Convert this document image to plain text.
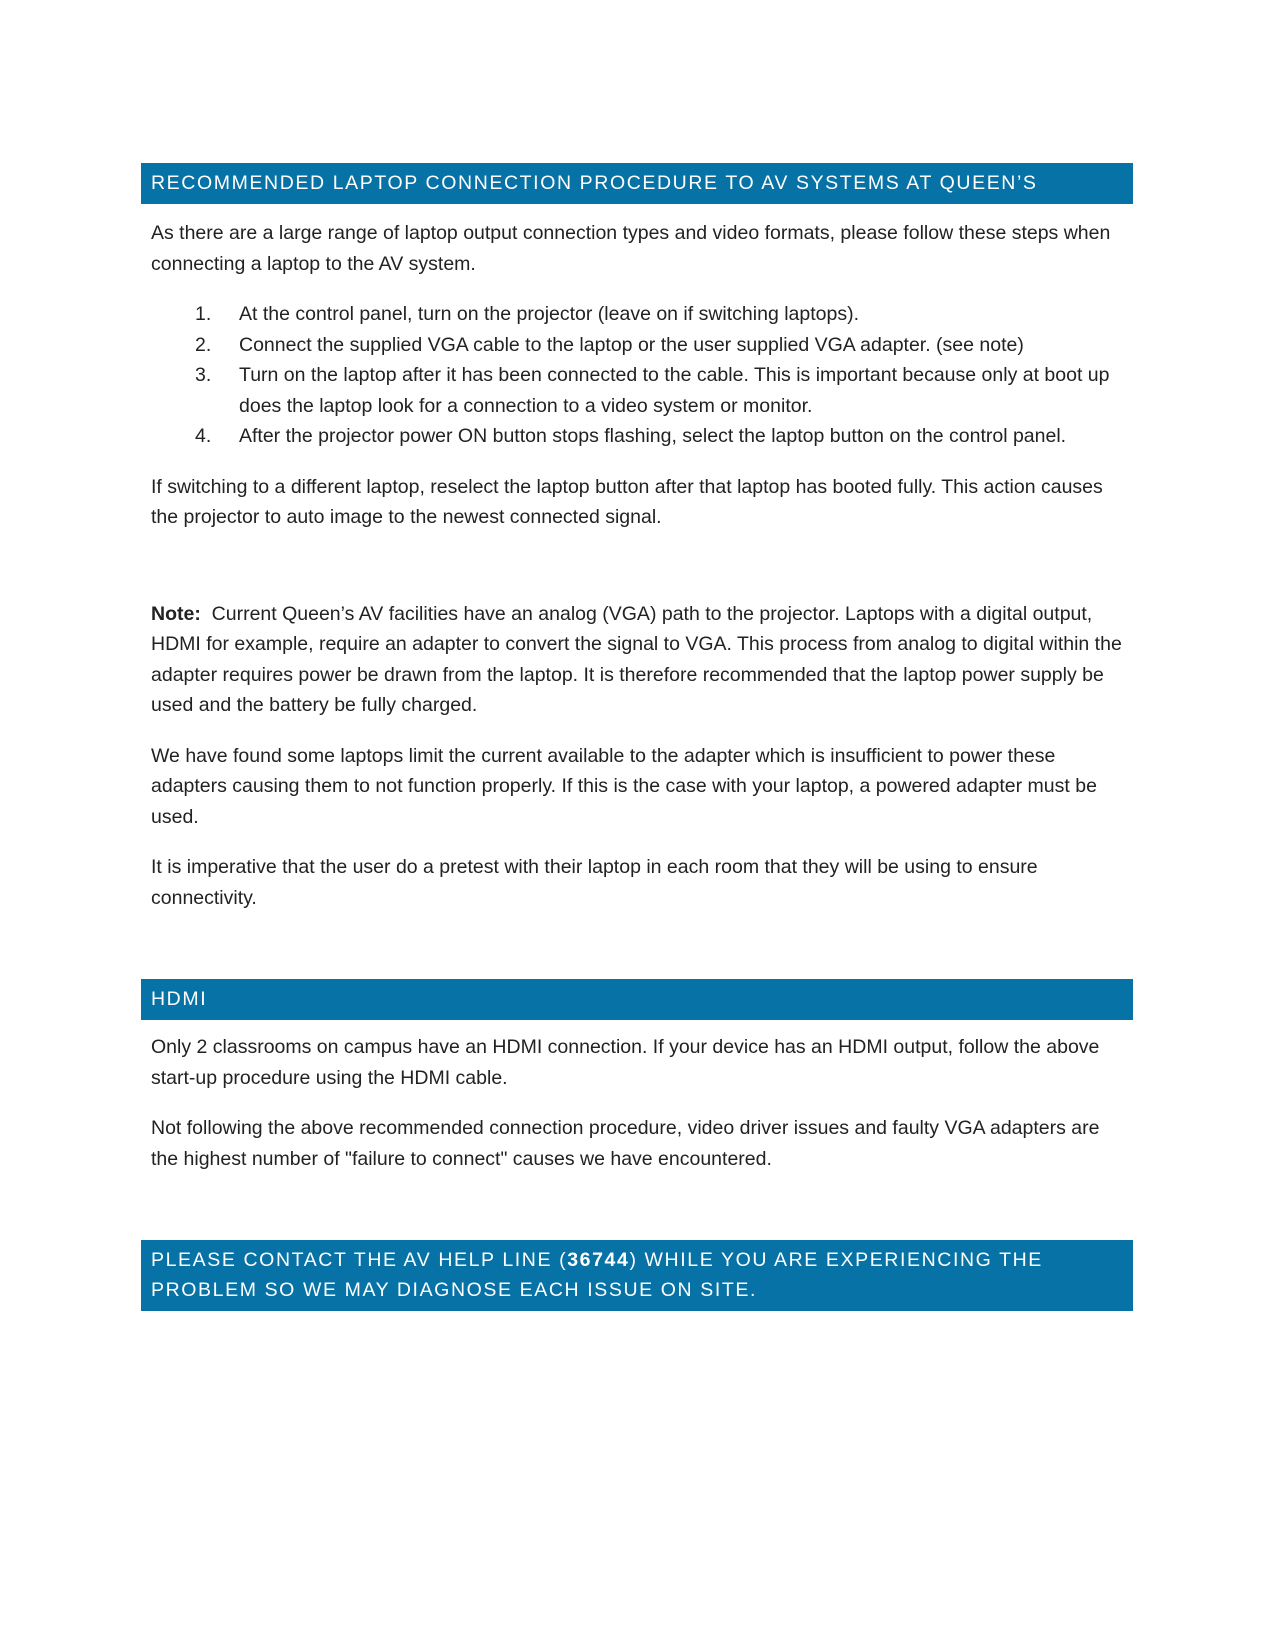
RECOMMENDED LAPTOP CONNECTION PROCEDURE TO AV SYSTEMS AT QUEEN’S

As there are a large range of laptop output connection types and video formats, please follow these steps when connecting a laptop to the AV system.

1. At the control panel, turn on the projector (leave on if switching laptops).
2. Connect the supplied VGA cable to the laptop or the user supplied VGA adapter. (see note)
3. Turn on the laptop after it has been connected to the cable. This is important because only at boot up does the laptop look for a connection to a video system or monitor.
4. After the projector power ON button stops flashing, select the laptop button on the control panel.

If switching to a different laptop, reselect the laptop button after that laptop has booted fully. This action causes the projector to auto image to the newest connected signal.

Note:  Current Queen’s AV facilities have an analog (VGA) path to the projector. Laptops with a digital output, HDMI for example, require an adapter to convert the signal to VGA. This process from analog to digital within the adapter requires power be drawn from the laptop. It is therefore recommended that the laptop power supply be used and the battery be fully charged.

We have found some laptops limit the current available to the adapter which is insufficient to power these adapters causing them to not function properly. If this is the case with your laptop, a powered adapter must be used.

It is imperative that the user do a pretest with their laptop in each room that they will be using to ensure connectivity.

HDMI

Only 2 classrooms on campus have an HDMI connection. If your device has an HDMI output, follow the above start-up procedure using the HDMI cable.

Not following the above recommended connection procedure, video driver issues and faulty VGA adapters are the highest number of "failure to connect" causes we have encountered.

PLEASE CONTACT THE AV HELP LINE (36744) WHILE YOU ARE EXPERIENCING THE PROBLEM SO WE MAY DIAGNOSE EACH ISSUE ON SITE.
